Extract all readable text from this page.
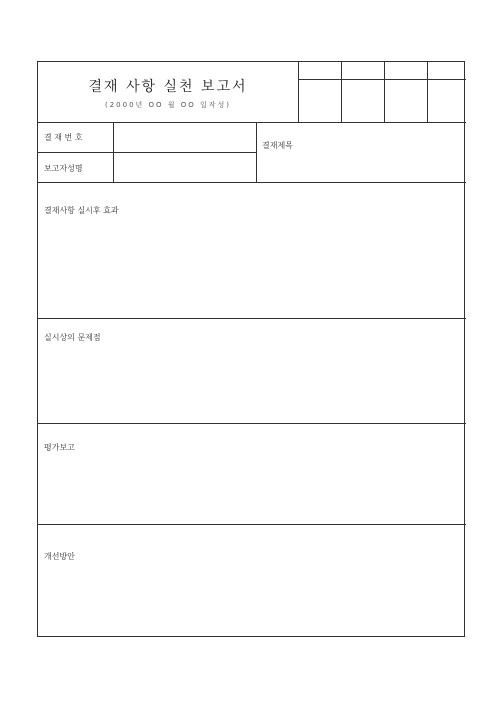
결재 사항 실천 보고서
(2000년 OO 월 OO 일작성)
결 재 번 호
결재제목
보고자성명
결재사항 실시후 효과
실시상의 문제점
평가보고
개선방안
